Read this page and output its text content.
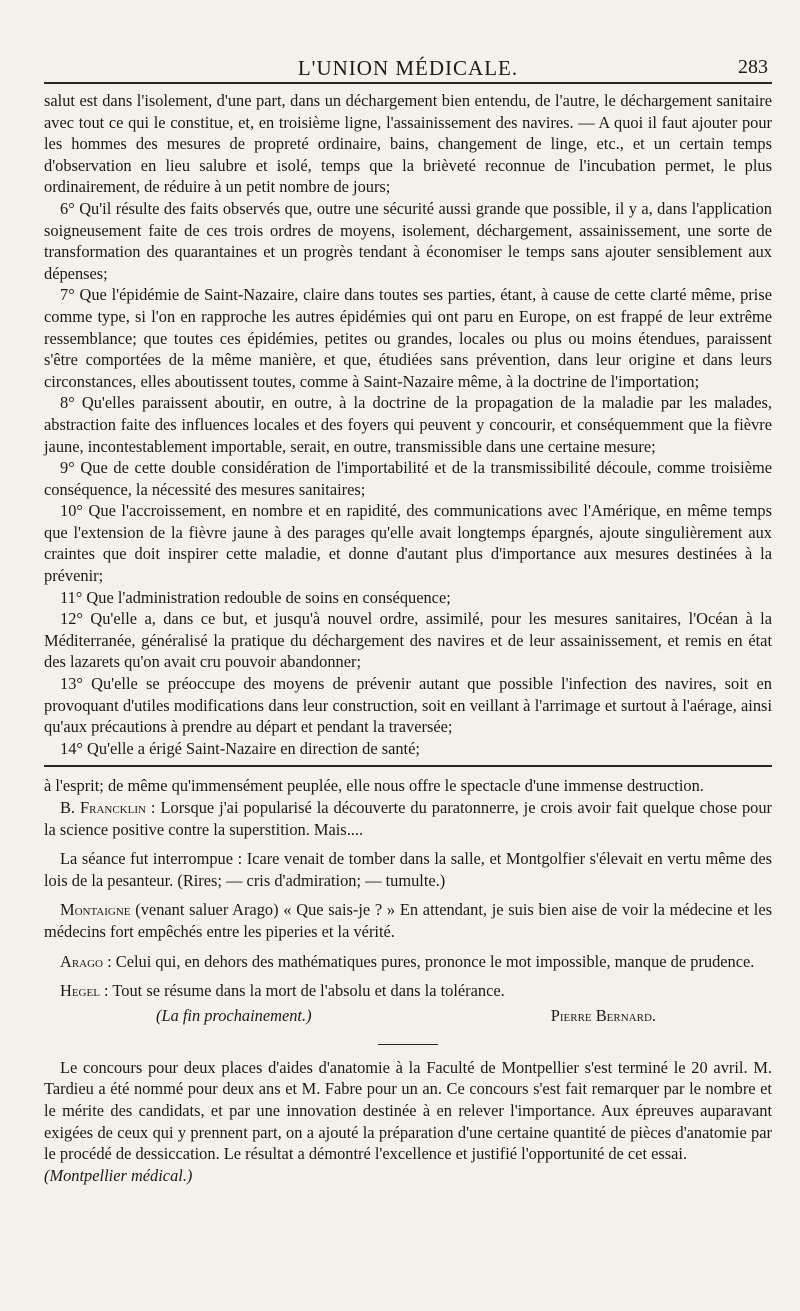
L'UNION MÉDICALE.	283

salut est dans l'isolement, d'une part, dans un déchargement bien entendu, de l'autre, le déchargement sanitaire avec tout ce qui le constitue, et, en troisième ligne, l'assainissement des navires. — A quoi il faut ajouter pour les hommes des mesures de propreté ordinaire, bains, changement de linge, etc., et un certain temps d'observation en lieu salubre et isolé, temps que la brièveté reconnue de l'incubation permet, le plus ordinairement, de réduire à un petit nombre de jours;

6° Qu'il résulte des faits observés que, outre une sécurité aussi grande que possible, il y a, dans l'application soigneusement faite de ces trois ordres de moyens, isolement, déchargement, assainissement, une sorte de transformation des quarantaines et un progrès tendant à économiser le temps sans ajouter sensiblement aux dépenses;

7° Que l'épidémie de Saint-Nazaire, claire dans toutes ses parties, étant, à cause de cette clarté même, prise comme type, si l'on en rapproche les autres épidémies qui ont paru en Europe, on est frappé de leur extrême ressemblance; que toutes ces épidémies, petites ou grandes, locales ou plus ou moins étendues, paraissent s'être comportées de la même manière, et que, étudiées sans prévention, dans leur origine et dans leurs circonstances, elles aboutissent toutes, comme à Saint-Nazaire même, à la doctrine de l'importation;

8° Qu'elles paraissent aboutir, en outre, à la doctrine de la propagation de la maladie par les malades, abstraction faite des influences locales et des foyers qui peuvent y concourir, et conséquemment que la fièvre jaune, incontestablement importable, serait, en outre, transmissible dans une certaine mesure;

9° Que de cette double considération de l'importabilité et de la transmissibilité découle, comme troisième conséquence, la nécessité des mesures sanitaires;

10° Que l'accroissement, en nombre et en rapidité, des communications avec l'Amérique, en même temps que l'extension de la fièvre jaune à des parages qu'elle avait longtemps épargnés, ajoute singulièrement aux craintes que doit inspirer cette maladie, et donne d'autant plus d'importance aux mesures destinées à la prévenir;

11° Que l'administration redouble de soins en conséquence;

12° Qu'elle a, dans ce but, et jusqu'à nouvel ordre, assimilé, pour les mesures sanitaires, l'Océan à la Méditerranée, généralisé la pratique du déchargement des navires et de leur assainissement, et remis en état des lazarets qu'on avait cru pouvoir abandonner;

13° Qu'elle se préoccupe des moyens de prévenir autant que possible l'infection des navires, soit en provoquant d'utiles modifications dans leur construction, soit en veillant à l'arrimage et surtout à l'aérage, ainsi qu'aux précautions à prendre au départ et pendant la traversée;

14° Qu'elle a érigé Saint-Nazaire en direction de santé;

à l'esprit; de même qu'immensément peuplée, elle nous offre le spectacle d'une immense destruction.

B. Francklin : Lorsque j'ai popularisé la découverte du paratonnerre, je crois avoir fait quelque chose pour la science positive contre la superstition. Mais....

La séance fut interrompue : Icare venait de tomber dans la salle, et Montgolfier s'élevait en vertu même des lois de la pesanteur. (Rires; — cris d'admiration; — tumulte.)

Montaigne (venant saluer Arago) « Que sais-je ? » En attendant, je suis bien aise de voir la médecine et les médecins fort empêchés entre les piperies et la vérité.

Arago : Celui qui, en dehors des mathématiques pures, prononce le mot impossible, manque de prudence.

Hegel : Tout se résume dans la mort de l'absolu et dans la tolérance.

(La fin prochainement.)	Pierre Bernard.

Le concours pour deux places d'aides d'anatomie à la Faculté de Montpellier s'est terminé le 20 avril. M. Tardieu a été nommé pour deux ans et M. Fabre pour un an. Ce concours s'est fait remarquer par le nombre et le mérite des candidats, et par une innovation destinée à en relever l'importance. Aux épreuves auparavant exigées de ceux qui y prennent part, on a ajouté la préparation d'une certaine quantité de pièces d'anatomie par le procédé de dessiccation. Le résultat a démontré l'excellence et justifié l'opportunité de cet essai.

(Montpellier médical.)
